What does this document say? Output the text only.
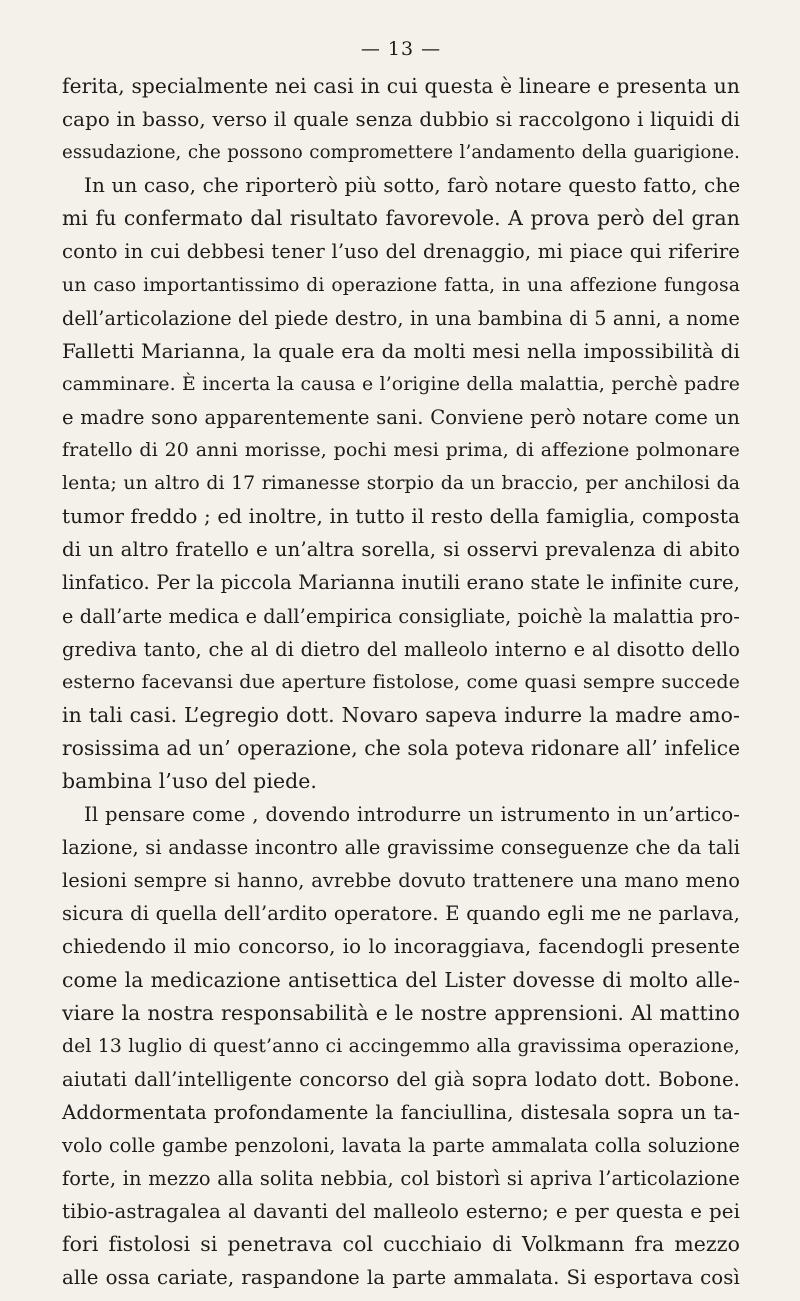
— 13 —
ferita, specialmente nei casi in cui questa è lineare e presenta un
capo in basso, verso il quale senza dubbio si raccolgono i liquidi di
essudazione, che possono compromettere l’andamento della guarigione.
In un caso, che riporterò più sotto, farò notare questo fatto, che
mi fu confermato dal risultato favorevole. A prova però del gran
conto in cui debbesi tener l’uso del drenaggio, mi piace qui riferire
un caso importantissimo di operazione fatta, in una affezione fungosa
dell’articolazione del piede destro, in una bambina di 5 anni, a nome
Falletti Marianna, la quale era da molti mesi nella impossibilità di
camminare. È incerta la causa e l’origine della malattia, perchè padre
e madre sono apparentemente sani. Conviene però notare come un
fratello di 20 anni morisse, pochi mesi prima, di affezione polmonare
lenta; un altro di 17 rimanesse storpio da un braccio, per anchilosi da
tumor freddo ; ed inoltre, in tutto il resto della famiglia, composta
di un altro fratello e un’altra sorella, si osservi prevalenza di abito
linfatico. Per la piccola Marianna inutili erano state le infinite cure,
e dall’arte medica e dall’empirica consigliate, poichè la malattia pro-
grediva tanto, che al di dietro del malleolo interno e al disotto dello
esterno facevansi due aperture fistolose, come quasi sempre succede
in tali casi. L’egregio dott. Novaro sapeva indurre la madre amo-
rosissima ad un’ operazione, che sola poteva ridonare all’ infelice
bambina l’uso del piede.
Il pensare come , dovendo introdurre un istrumento in un’artico-
lazione, si andasse incontro alle gravissime conseguenze che da tali
lesioni sempre si hanno, avrebbe dovuto trattenere una mano meno
sicura di quella dell’ardito operatore. E quando egli me ne parlava,
chiedendo il mio concorso, io lo incoraggiava, facendogli presente
come la medicazione antisettica del Lister dovesse di molto alle-
viare la nostra responsabilità e le nostre apprensioni. Al mattino
del 13 luglio di quest’anno ci accingemmo alla gravissima operazione,
aiutati dall’intelligente concorso del già sopra lodato dott. Bobone.
Addormentata profondamente la fanciullina, distesala sopra un ta-
volo colle gambe penzoloni, lavata la parte ammalata colla soluzione
forte, in mezzo alla solita nebbia, col bistorì si apriva l’articolazione
tibio-astragalea al davanti del malleolo esterno; e per questa e pei
fori fistolosi si penetrava col cucchiaio di Volkmann fra mezzo
alle ossa cariate, raspandone la parte ammalata. Si esportava così
